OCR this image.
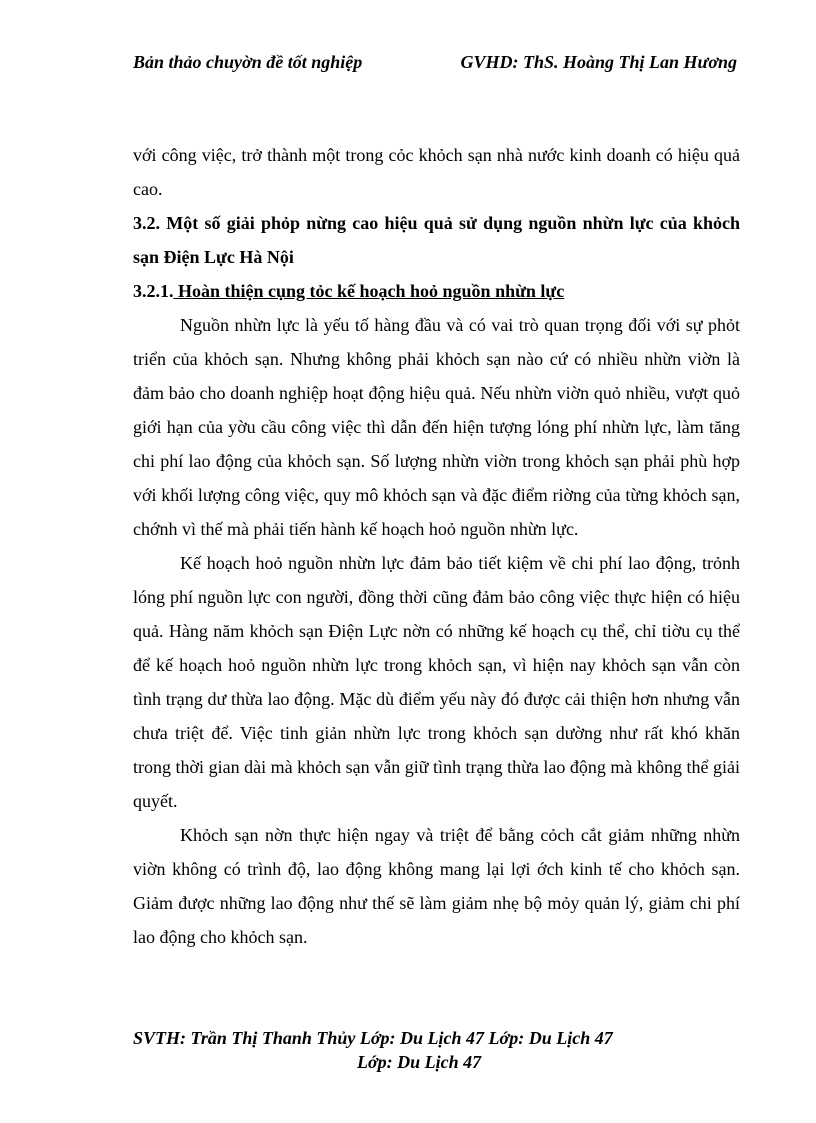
Bản thảo chuyờn đề tốt nghiệp	GVHD: ThS. Hoàng Thị Lan Hương

với công việc, trở thành một trong cỏc khỏch sạn nhà nước kinh doanh có hiệu quả cao.

3.2. Một số giải phỏp nừng cao hiệu quả sử dụng nguồn nhừn lực của khỏch sạn Điện Lực Hà Nội

3.2.1. Hoàn thiện cụng tỏc kế hoạch hoỏ nguồn nhừn lực

Nguồn nhừn lực là yếu tố hàng đầu và có vai trò quan trọng đối với sự phỏt triển của khỏch sạn. Nhưng không phải khỏch sạn nào cứ có nhiều nhừn viờn là đảm bảo cho doanh nghiệp hoạt động hiệu quả. Nếu nhừn viờn quỏ nhiều, vượt quỏ giới hạn của yờu cầu công việc thì dẫn đến hiện tượng lóng phí nhừn lực, làm tăng chi phí lao động của khỏch sạn. Số lượng nhừn viờn trong khỏch sạn phải phù hợp với khối lượng công việc, quy mô khỏch sạn và đặc điểm riờng của từng khỏch sạn, chớnh vì thế mà phải tiến hành kế hoạch hoỏ nguồn nhừn lực.

Kế hoạch hoỏ nguồn nhừn lực đảm bảo tiết kiệm về chi phí lao động, trỏnh lóng phí nguồn lực con người, đồng thời cũng đảm bảo công việc thực hiện có hiệu quả. Hàng năm khỏch sạn Điện Lực nờn có những kế hoạch cụ thể, chỉ tiờu cụ thể để kế hoạch hoỏ nguồn nhừn lực trong khỏch sạn, vì hiện nay khỏch sạn vẫn còn tình trạng dư thừa lao động. Mặc dù điểm yếu này đó được cải thiện hơn nhưng vẫn chưa triệt để. Việc tinh giản nhừn lực trong khỏch sạn dường như rất khó khăn trong thời gian dài mà khỏch sạn vẫn giữ tình trạng thừa lao động mà không thể giải quyết.

Khỏch sạn nờn thực hiện ngay và triệt để bằng cỏch cắt giảm những nhừn viờn không có trình độ, lao động không mang lại lợi ớch kinh tế cho khỏch sạn. Giảm được những lao động như thế sẽ làm giảm nhẹ bộ mỏy quản lý, giảm chi phí lao động cho khỏch sạn.

SVTH: Trần Thị Thanh Thủy Lớp: Du Lịch 47 Lớp: Du Lịch 47
Lớp: Du Lịch 47
